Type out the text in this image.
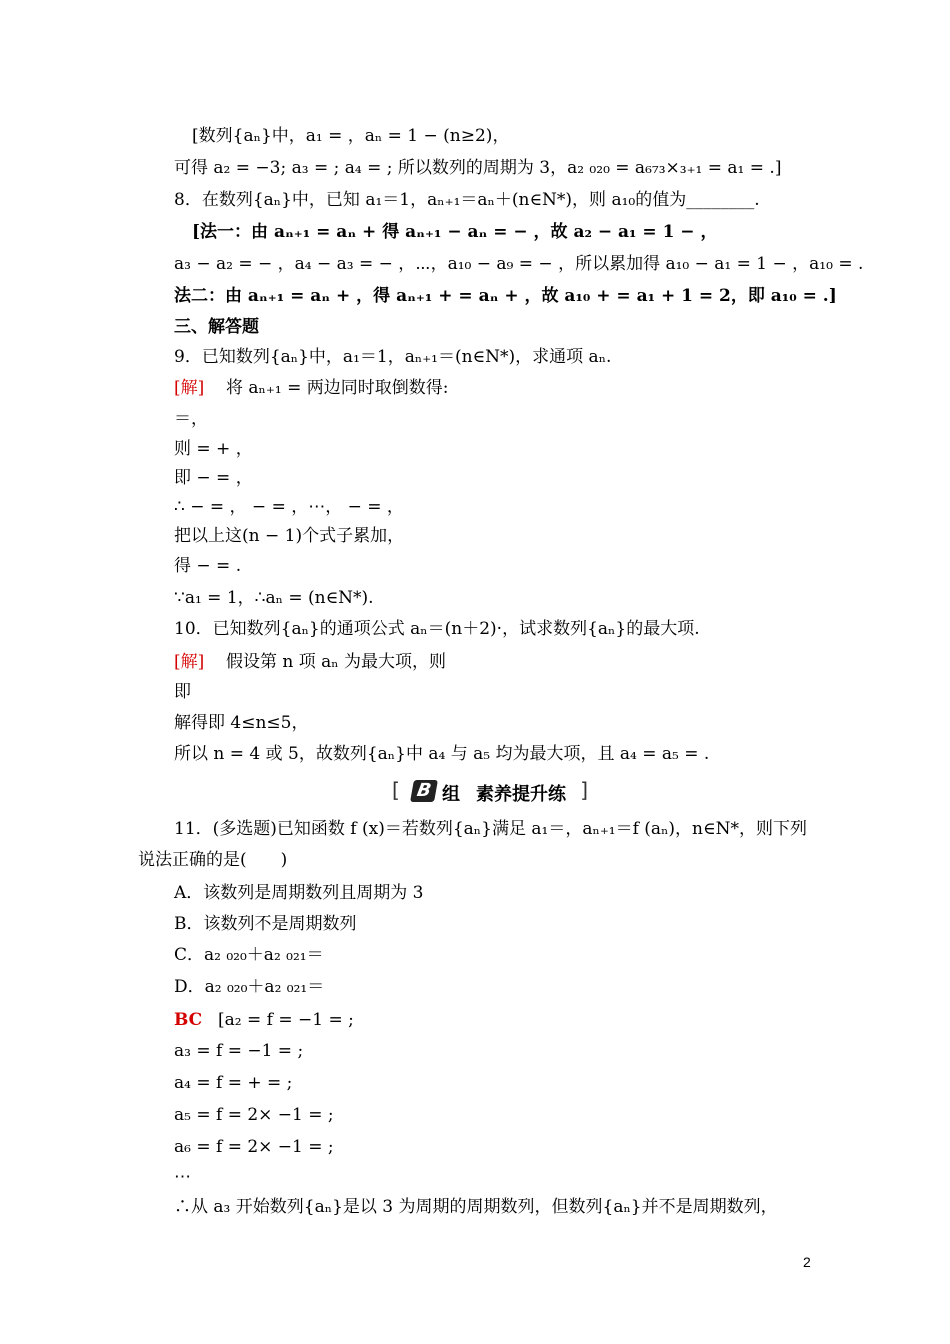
[数列{aₙ}中，a₁ = ，aₙ = 1 − (n≥2)，
可得 a₂ = −3; a₃ = ; a₄ = ; 所以数列的周期为 3，a₂ ₀₂₀ = a₆₇₃×₃₊₁ = a₁ = .]
8．在数列{aₙ}中，已知 a₁＝1，aₙ₊₁＝aₙ＋(n∈N*)，则 a₁₀的值为________.
[法一：由 aₙ₊₁ = aₙ + 得 aₙ₊₁ − aₙ = − ，故 a₂ − a₁ = 1 − ，
a₃ − a₂ = − ，a₄ − a₃ = − ，⋯，a₁₀ − a₉ = − ，所以累加得 a₁₀ − a₁ = 1 − ，a₁₀ = .
法二：由 aₙ₊₁ = aₙ + ，得 aₙ₊₁ + = aₙ + ，故 a₁₀ + = a₁ + 1 = 2，即 a₁₀ = .]
三、解答题
9．已知数列{aₙ}中，a₁＝1，aₙ₊₁＝(n∈N*)，求通项 aₙ.
[解] 将 aₙ₊₁ = 两边同时取倒数得:
＝，
则 = + ，
即 − = ，
∴ − = ， − = ，⋯， − = ，
把以上这(n − 1)个式子累加，
得 − = .
∵a₁ = 1，∴aₙ = (n∈N*).
10．已知数列{aₙ}的通项公式 aₙ＝(n＋2)·，试求数列{aₙ}的最大项.
[解] 假设第 n 项 aₙ 为最大项，则
即
解得即 4≤n≤5，
所以 n = 4 或 5，故数列{aₙ}中 a₄ 与 a₅ 均为最大项，且 a₄ = a₅ = .
[ B 组 素养提升练 ]
11．(多选题)已知函数 f (x)＝若数列{aₙ}满足 a₁＝，aₙ₊₁＝f (aₙ)，n∈N*，则下列
说法正确的是(　　)
A．该数列是周期数列且周期为 3
B．该数列不是周期数列
C．a₂ ₀₂₀＋a₂ ₀₂₁＝
D．a₂ ₀₂₀＋a₂ ₀₂₁＝
BC [a₂ = f = −1 = ;
a₃ = f = −1 = ;
a₄ = f = + = ;
a₅ = f = 2× −1 = ;
a₆ = f = 2× −1 = ;
⋯
∴从 a₃ 开始数列{aₙ}是以 3 为周期的周期数列，但数列{aₙ}并不是周期数列，
2
